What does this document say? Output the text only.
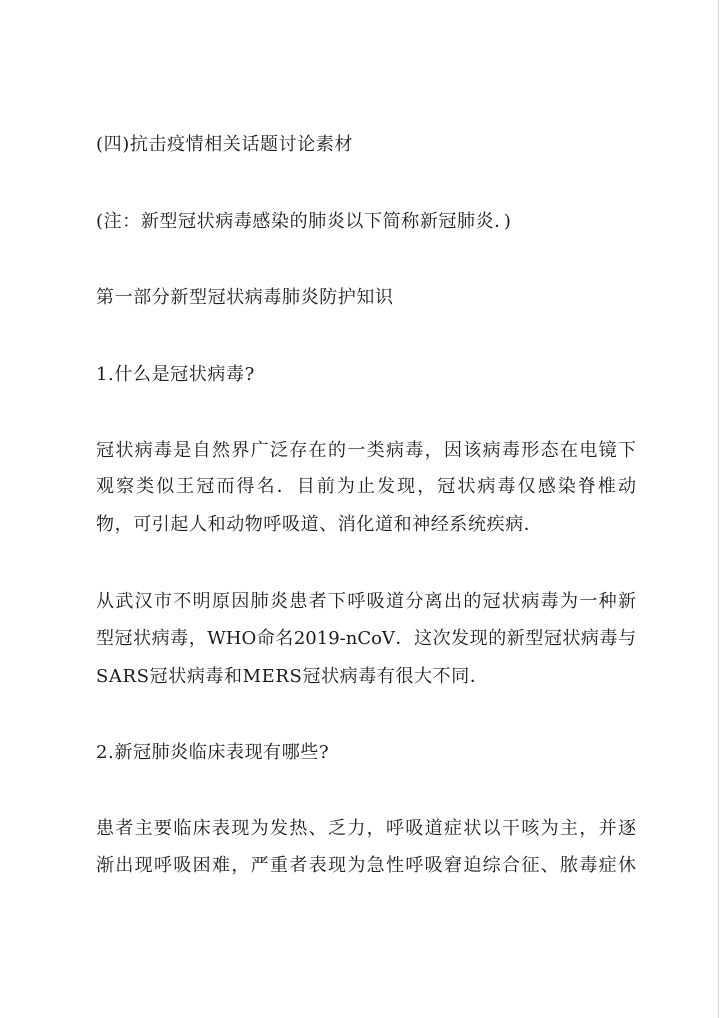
(四)抗击疫情相关话题讨论素材

(注：新型冠状病毒感染的肺炎以下简称新冠肺炎．)

第一部分新型冠状病毒肺炎防护知识

1.什么是冠状病毒?

冠状病毒是自然界广泛存在的一类病毒，因该病毒形态在电镜下

观察类似王冠而得名．目前为止发现，冠状病毒仅感染脊椎动

物，可引起人和动物呼吸道、消化道和神经系统疾病．

从武汉市不明原因肺炎患者下呼吸道分离出的冠状病毒为一种新

型冠状病毒，WHO命名2019-nCoV．这次发现的新型冠状病毒与

SARS冠状病毒和MERS冠状病毒有很大不同．

2.新冠肺炎临床表现有哪些?

患者主要临床表现为发热、乏力，呼吸道症状以干咳为主，并逐

渐出现呼吸困难，严重者表现为急性呼吸窘迫综合征、脓毒症休
